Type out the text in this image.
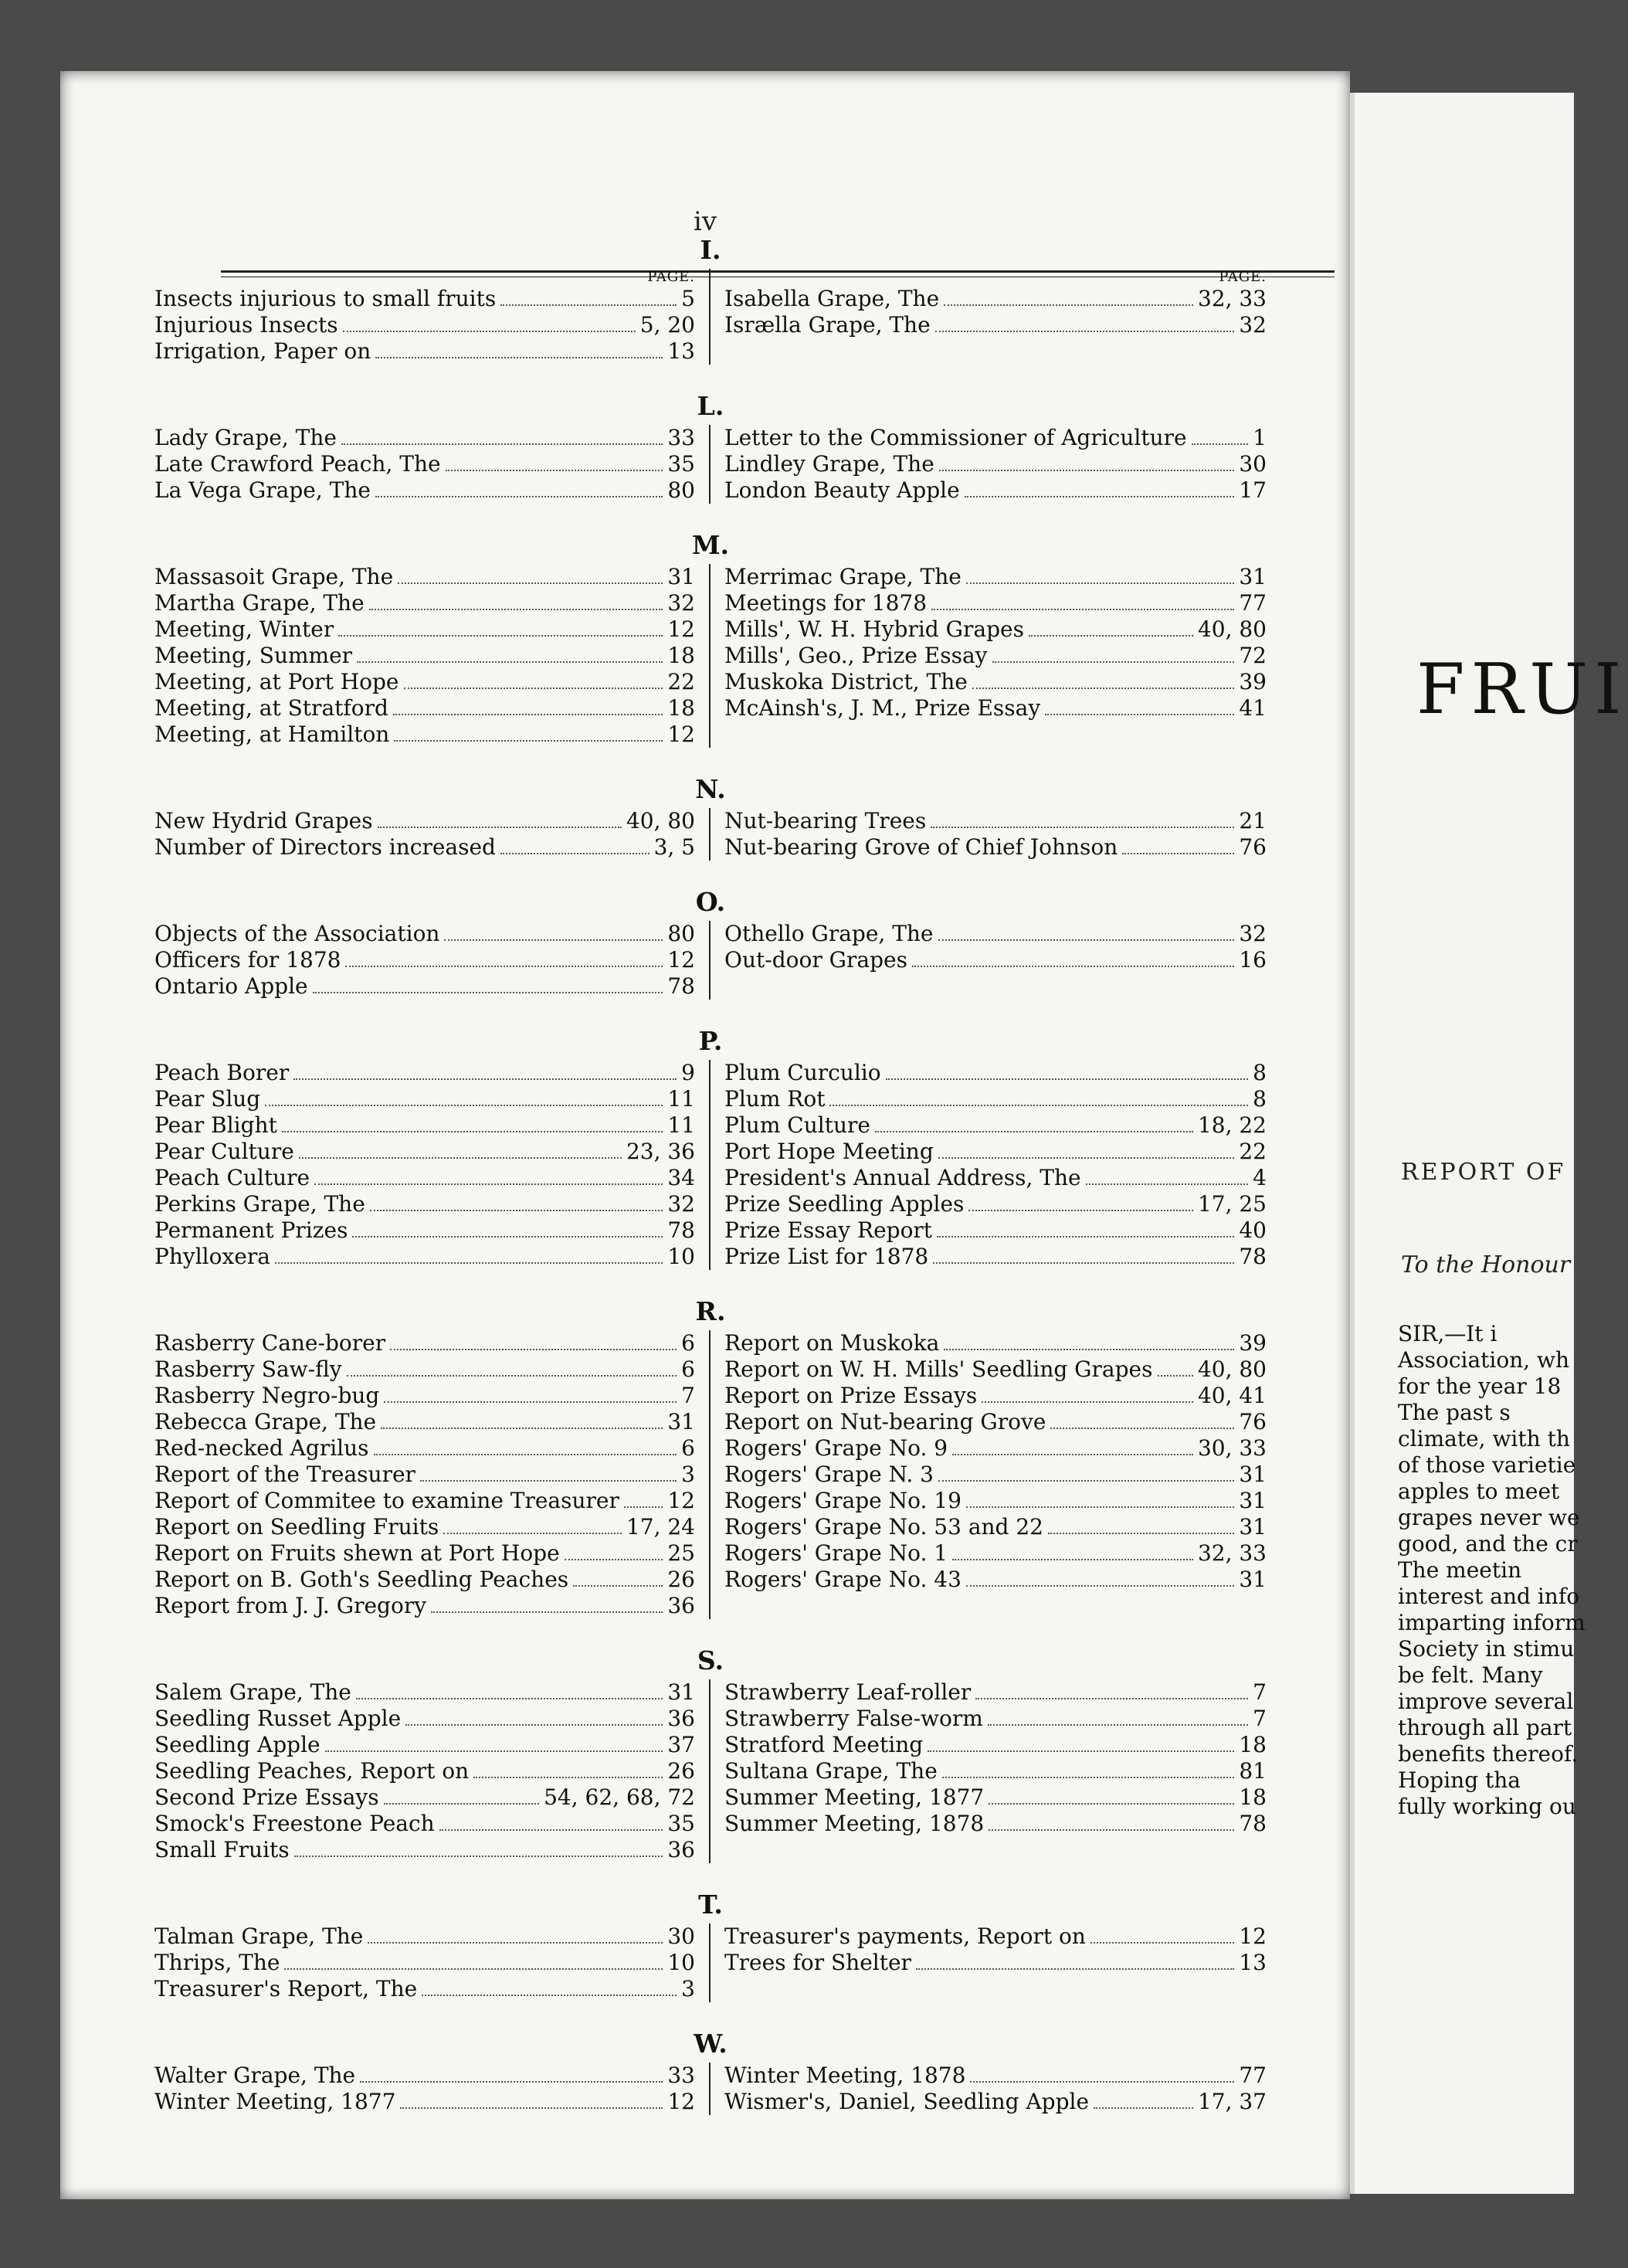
FRUI
REPORT OF
To the Honour
SIR,—It i
Association, wh
for the year 18
The past s
climate, with th
of those varietie
apples to meet
grapes never we
good, and the cr
The meetin
interest and info
imparting inform
Society in stimu
be felt. Many
improve several
through all part
benefits thereof.
Hoping tha
fully working ou
iv
I.
PAGE.
Insects injurious to small fruits	5
Injurious Insects	5, 20
Irrigation, Paper on	13
PAGE.
Isabella Grape, The	32, 33
Isrælla Grape, The	32
L.
Lady Grape, The	33
Late Crawford Peach, The	35
La Vega Grape, The	80
Letter to the Commissioner of Agriculture	1
Lindley Grape, The	30
London Beauty Apple	17
M.
Massasoit Grape, The	31
Martha Grape, The	32
Meeting, Winter	12
Meeting, Summer	18
Meeting, at Port Hope	22
Meeting, at Stratford	18
Meeting, at Hamilton	12
Merrimac Grape, The	31
Meetings for 1878	77
Mills', W. H. Hybrid Grapes	40, 80
Mills', Geo., Prize Essay	72
Muskoka District, The	39
McAinsh's, J. M., Prize Essay	41
N.
New Hydrid Grapes	40, 80
Number of Directors increased	3, 5
Nut-bearing Trees	21
Nut-bearing Grove of Chief Johnson	76
O.
Objects of the Association	80
Officers for 1878	12
Ontario Apple	78
Othello Grape, The	32
Out-door Grapes	16
P.
Peach Borer	9
Pear Slug	11
Pear Blight	11
Pear Culture	23, 36
Peach Culture	34
Perkins Grape, The	32
Permanent Prizes	78
Phylloxera	10
Plum Curculio	8
Plum Rot	8
Plum Culture	18, 22
Port Hope Meeting	22
President's Annual Address, The	4
Prize Seedling Apples	17, 25
Prize Essay Report	40
Prize List for 1878	78
R.
Rasberry Cane-borer	6
Rasberry Saw-fly	6
Rasberry Negro-bug	7
Rebecca Grape, The	31
Red-necked Agrilus	6
Report of the Treasurer	3
Report of Commitee to examine Treasurer 12
Report on Seedling Fruits	17, 24
Report on Fruits shewn at Port Hope	25
Report on B. Goth's Seedling Peaches	26
Report from J. J. Gregory	36
Report on Muskoka	39
Report on W. H. Mills' Seedling Grapes 40, 80
Report on Prize Essays	40, 41
Report on Nut-bearing Grove	76
Rogers' Grape No. 9	30, 33
Rogers' Grape N. 3	31
Rogers' Grape No. 19	31
Rogers' Grape No. 53 and 22	31
Rogers' Grape No. 1	32, 33
Rogers' Grape No. 43	31
S.
Salem Grape, The	31
Seedling Russet Apple	36
Seedling Apple	37
Seedling Peaches, Report on	26
Second Prize Essays	54, 62, 68, 72
Smock's Freestone Peach	35
Small Fruits	36
Strawberry Leaf-roller	7
Strawberry False-worm	7
Stratford Meeting	18
Sultana Grape, The	81
Summer Meeting, 1877	18
Summer Meeting, 1878	78
T.
Talman Grape, The	30
Thrips, The	10
Treasurer's Report, The	3
Treasurer's payments, Report on	12
Trees for Shelter	13
W.
Walter Grape, The	33
Winter Meeting, 1877	12
Winter Meeting, 1878	77
Wismer's, Daniel, Seedling Apple	17, 37
